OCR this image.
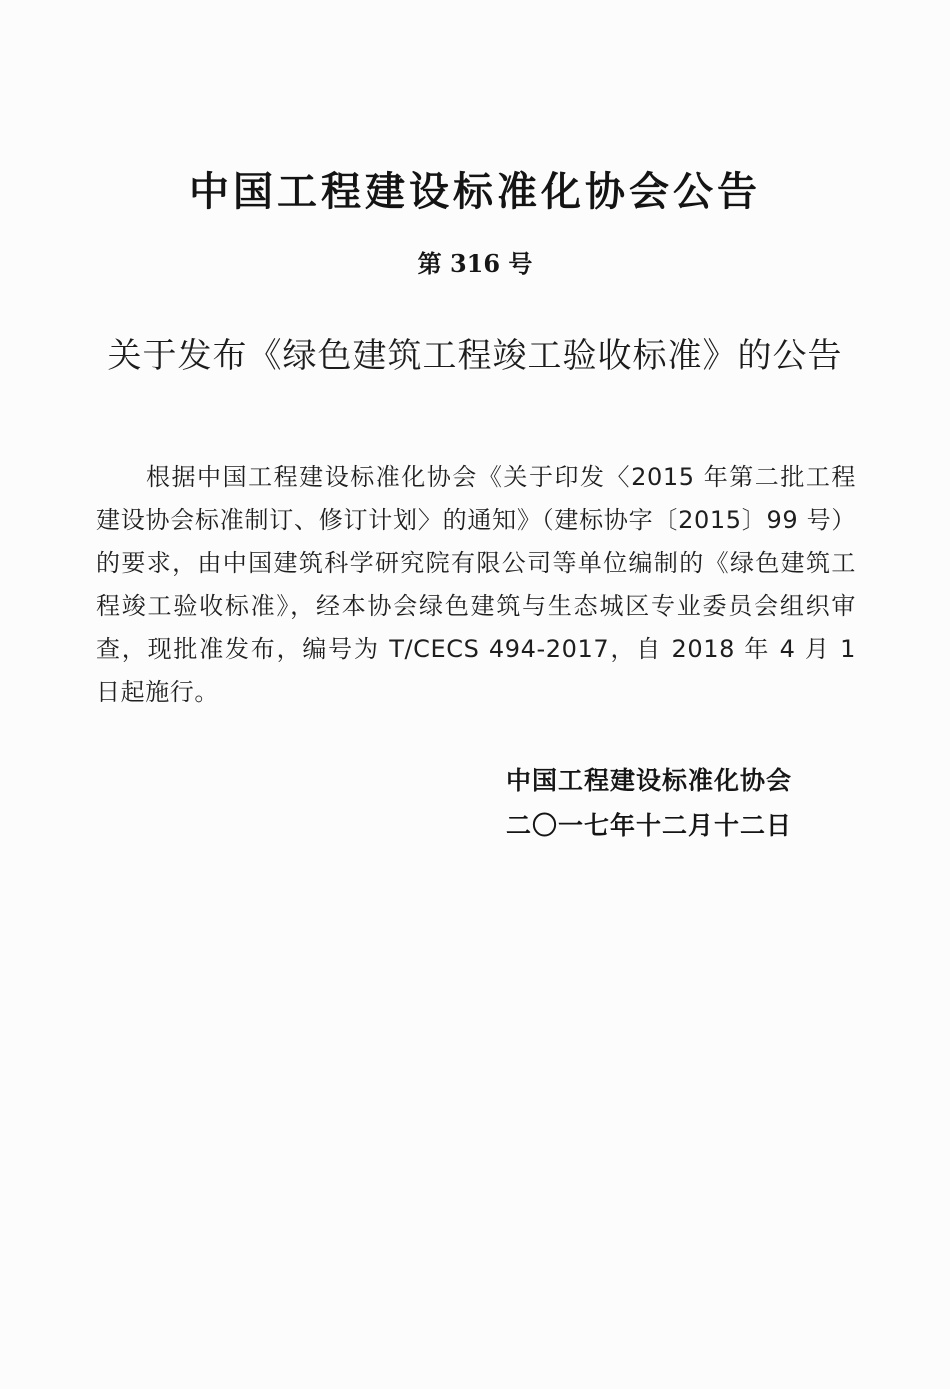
中国工程建设标准化协会公告
第 316 号
关于发布《绿色建筑工程竣工验收标准》的公告

根据中国工程建设标准化协会《关于印发〈2015 年第二批工程建设协会标准制订、修订计划〉的通知》（建标协字〔2015〕99 号）的要求，由中国建筑科学研究院有限公司等单位编制的《绿色建筑工程竣工验收标准》，经本协会绿色建筑与生态城区专业委员会组织审查，现批准发布，编号为 T/CECS 494-2017，自 2018 年 4 月 1 日起施行。

中国工程建设标准化协会
二〇一七年十二月十二日
